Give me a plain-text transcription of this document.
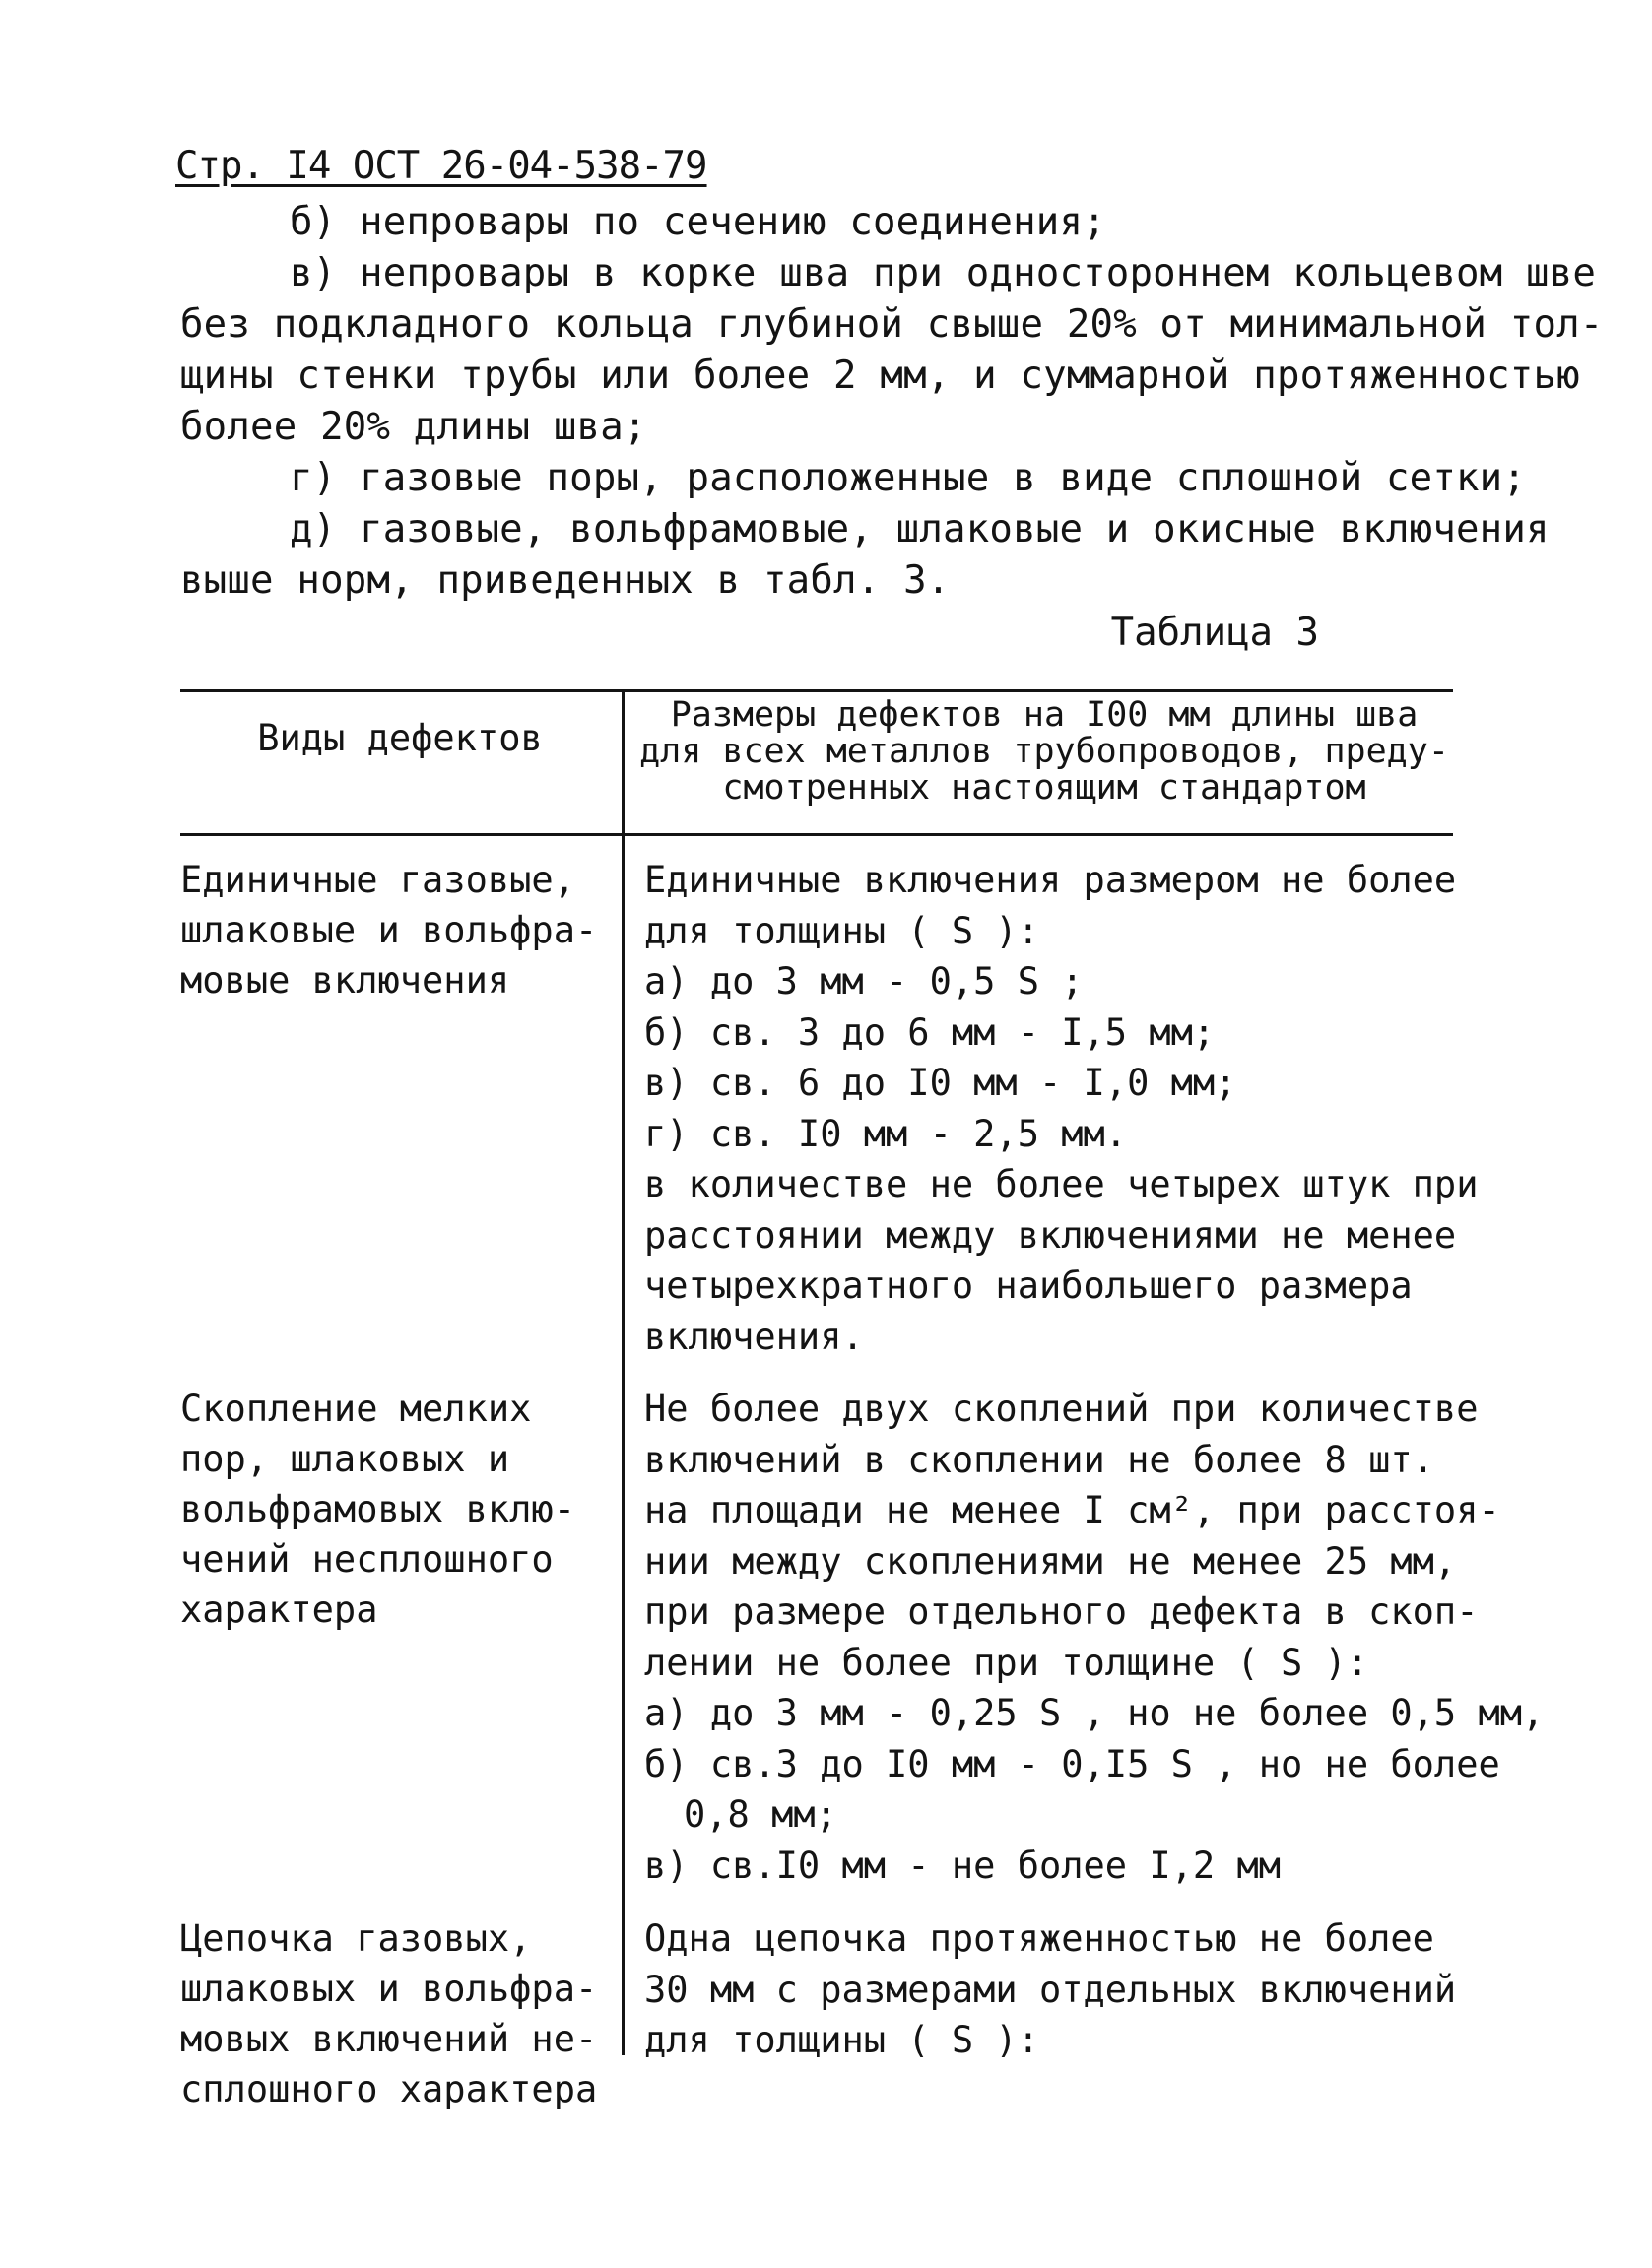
Стр. I4 ОСТ 26-04-538-79
б) непровары по сечению соединения;
в) непровары в корке шва при одностороннем кольцевом шве
без подкладного кольца глубиной свыше 20% от минимальной тол-
щины стенки трубы или более 2 мм, и суммарной протяженностью
более 20% длины шва;
г) газовые поры, расположенные в виде сплошной сетки;
д) газовые, вольфрамовые, шлаковые и окисные включения
выше норм, приведенных в табл. 3.
Таблица 3
Виды дефектов
Размеры дефектов на I00 мм длины шва
для всех металлов трубопроводов, преду-
смотренных настоящим стандартом
Единичные газовые,
шлаковые и вольфра-
мовые включения
Единичные включения размером не более
для толщины ( S ):
а) до 3 мм - 0,5 S ;
б) св. 3 до 6 мм - I,5 мм;
в) св. 6 до I0 мм - I,0 мм;
г) св. I0 мм - 2,5 мм.
в количестве не более четырех штук при
расстоянии между включениями не менее
четырехкратного наибольшего размера
включения.
Скопление мелких
пор, шлаковых и
вольфрамовых вклю-
чений несплошного
характера
Не более двух скоплений при количестве
включений в скоплении не более 8 шт.
на площади не менее I см², при расстоя-
нии между скоплениями не менее 25 мм,
при размере отдельного дефекта в скоп-
лении не более при толщине ( S ):
а) до 3 мм - 0,25 S , но не более 0,5 мм,
б) св.3 до I0 мм - 0,I5 S , но не более
0,8 мм;
в) св.I0 мм - не более I,2 мм
Цепочка газовых,
шлаковых и вольфра-
мовых включений не-
сплошного характера
Одна цепочка протяженностью не более
30 мм с размерами отдельных включений
для толщины ( S ):
